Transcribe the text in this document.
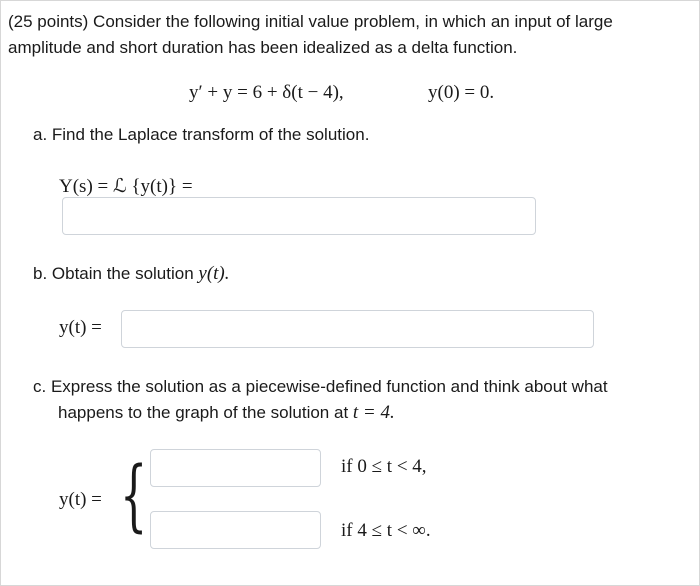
(25 points) Consider the following initial value problem, in which an input of large
amplitude and short duration has been idealized as a delta function.
y′ + y = 6 + δ(t − 4),	y(0) = 0.
a. Find the Laplace transform of the solution.
Y(s) = ℒ {y(t)} =
b. Obtain the solution y(t).
y(t) =
c. Express the solution as a piecewise-defined function and think about what
happens to the graph of the solution at t = 4.
y(t) = {	if 0 ≤ t < 4,
if 4 ≤ t < ∞.
